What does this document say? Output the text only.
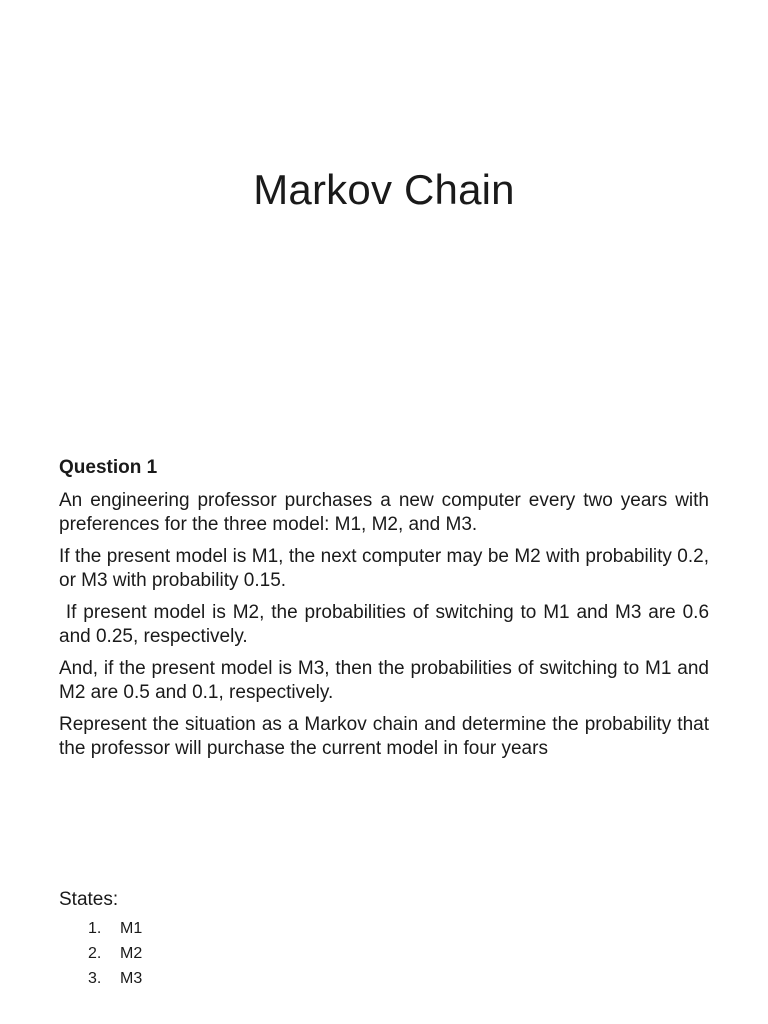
Markov Chain

Question 1

An engineering professor purchases a new computer every two years with preferences for the three model: M1, M2, and M3.

If the present model is M1, the next computer may be M2 with probability 0.2, or M3 with probability 0.15.

If present model is M2, the probabilities of switching to M1 and M3 are 0.6 and 0.25, respectively.

And, if the present model is M3, then the probabilities of switching to M1 and M2 are 0.5 and 0.1, respectively.

Represent the situation as a Markov chain and determine the probability that the professor will purchase the current model in four years

States:

1.	M1
2.	M2
3.	M3
